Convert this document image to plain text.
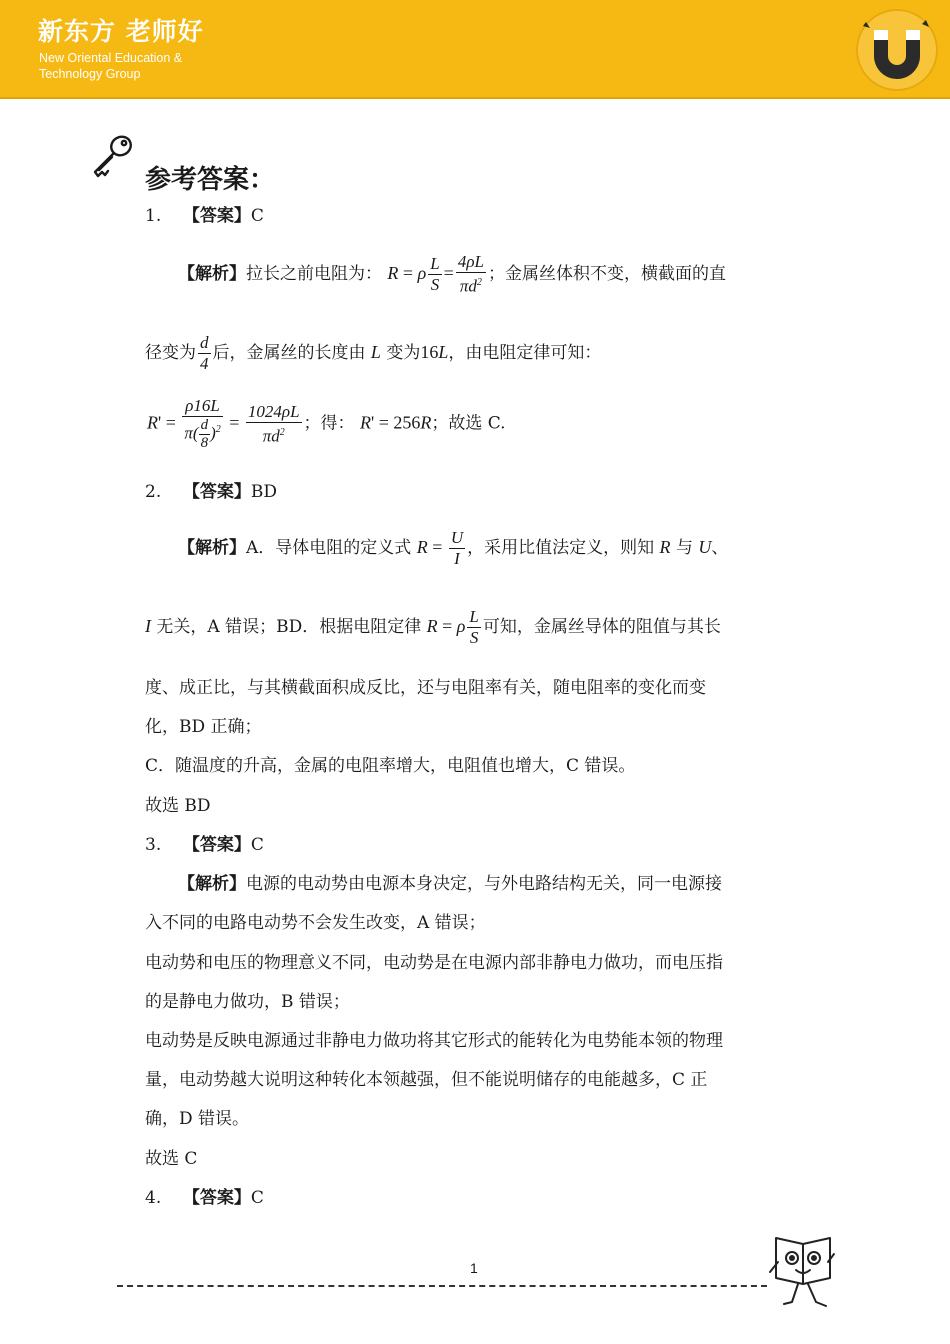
新东方 老师好
New Oriental Education &
Technology Group
参考答案：
1. 【答案】C
【解析】拉长之前电阻为： R = ρ $\frac{L}{S} = \frac{4\rho L}{\pi d^2}$ ；金属丝体积不变，横截面的直
径变为 $\frac{d}{4}$ 后，金属丝的长度由 L 变为16L，由电阻定律可知：
$R' = \frac{\rho 16L}{\pi( \frac{d}{8} )^2} = \frac{1024\rho L}{\pi d^2}$ ；得： R' = 256R；故选 C.
2. 【答案】BD
【解析】A．导体电阻的定义式 $R = \frac{U}{I}$ ，采用比值法定义，则知 R 与 U、
I 无关，A 错误；BD．根据电阻定律 R = ρ $\frac{L}{S}$ 可知，金属丝导体的阻值与其长
度、成正比，与其横截面积成反比，还与电阻率有关，随电阻率的变化而变
化，BD 正确；
C．随温度的升高，金属的电阻率增大，电阻值也增大，C 错误。
故选 BD
3. 【答案】C
【解析】电源的电动势由电源本身决定，与外电路结构无关，同一电源接
入不同的电路电动势不会发生改变，A 错误；
电动势和电压的物理意义不同，电动势是在电源内部非静电力做功，而电压指
的是静电力做功，B 错误；
电动势是反映电源通过非静电力做功将其它形式的能转化为电势能本领的物理
量，电动势越大说明这种转化本领越强，但不能说明储存的电能越多，C 正
确，D 错误。
故选 C
4. 【答案】C
1
